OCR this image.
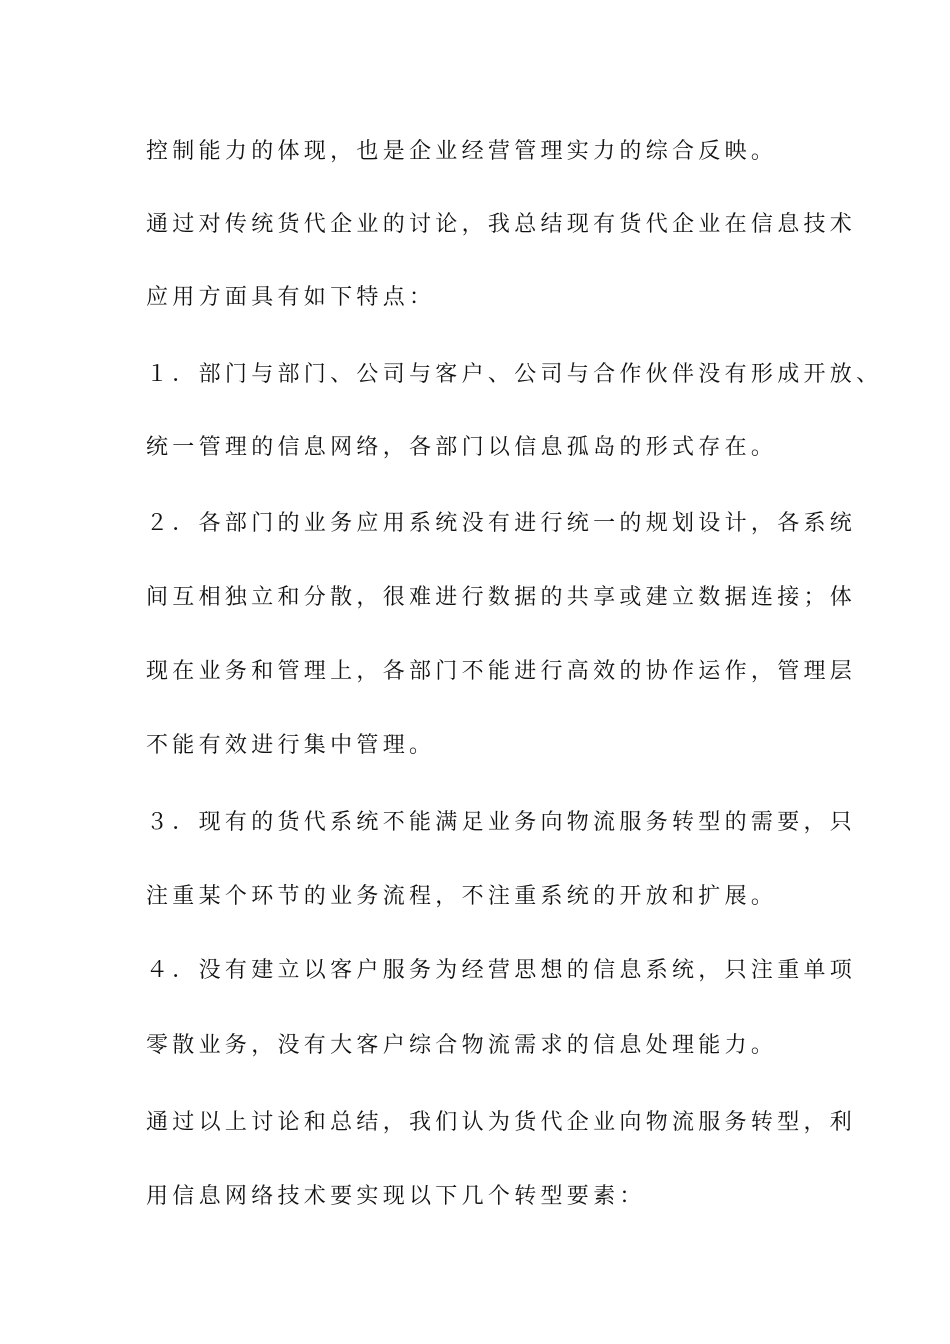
控制能力的体现，也是企业经营管理实力的综合反映。
通过对传统货代企业的讨论，我总结现有货代企业在信息技术
应用方面具有如下特点：
１．部门与部门、公司与客户、公司与合作伙伴没有形成开放、
统一管理的信息网络，各部门以信息孤岛的形式存在。
２．各部门的业务应用系统没有进行统一的规划设计，各系统
间互相独立和分散，很难进行数据的共享或建立数据连接；体
现在业务和管理上，各部门不能进行高效的协作运作，管理层
不能有效进行集中管理。
３．现有的货代系统不能满足业务向物流服务转型的需要，只
注重某个环节的业务流程，不注重系统的开放和扩展。
４．没有建立以客户服务为经营思想的信息系统，只注重单项
零散业务，没有大客户综合物流需求的信息处理能力。
通过以上讨论和总结，我们认为货代企业向物流服务转型，利
用信息网络技术要实现以下几个转型要素：
